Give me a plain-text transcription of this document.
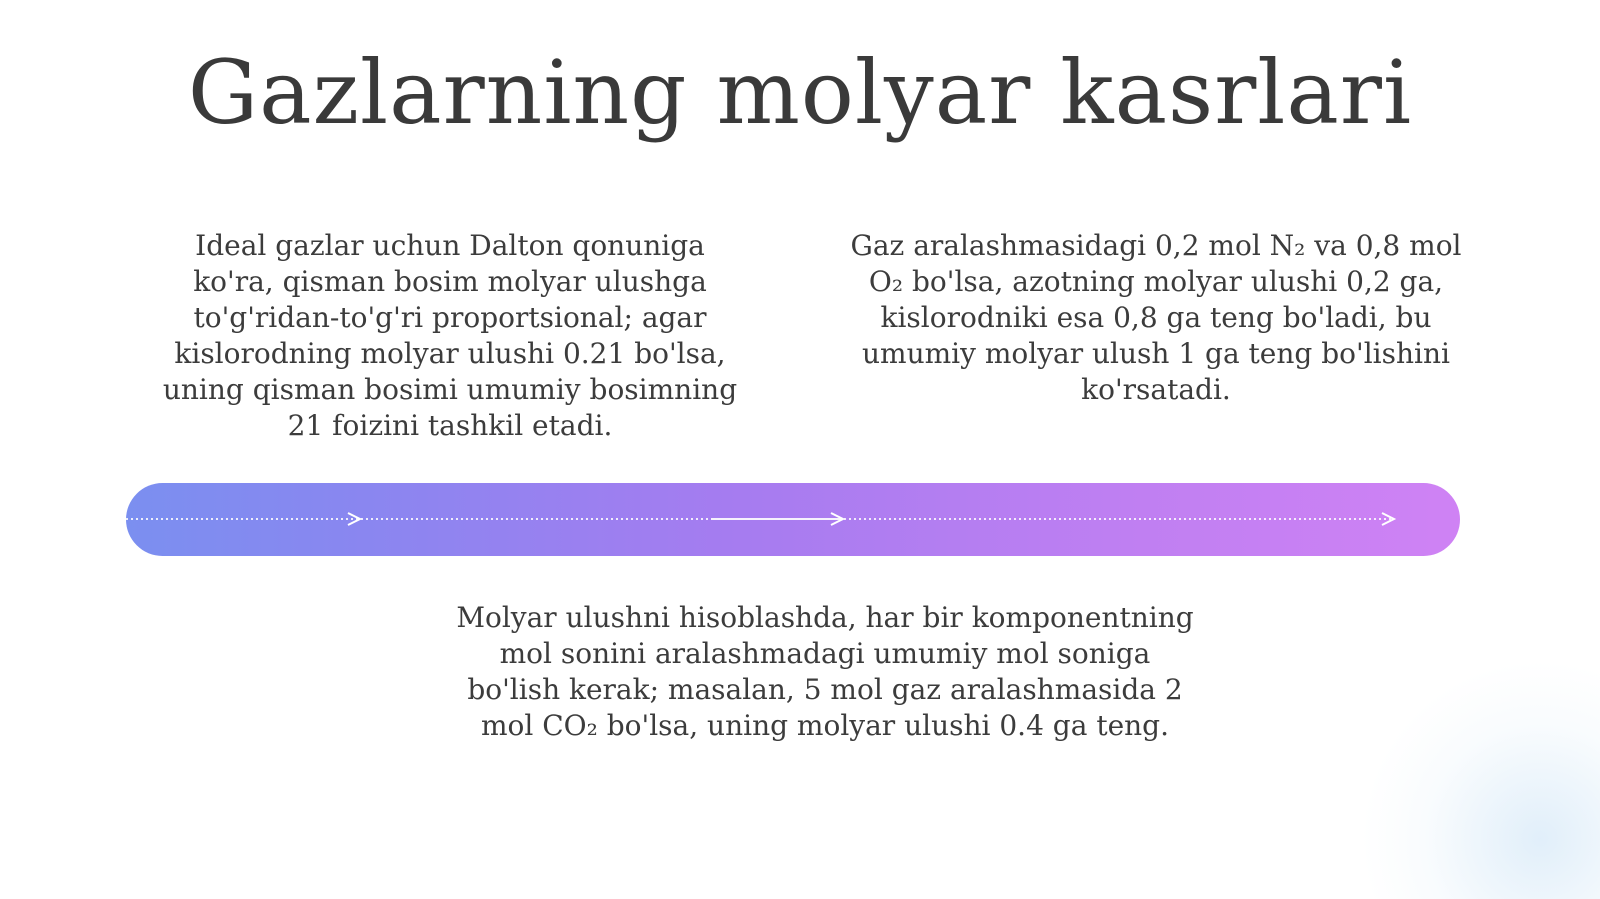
Gazlarning molyar kasrlari

Ideal gazlar uchun Dalton qonuniga ko'ra, qisman bosim molyar ulushga to'g'ridan-to'g'ri proportsional; agar kislorodning molyar ulushi 0.21 bo'lsa, uning qisman bosimi umumiy bosimning 21 foizini tashkil etadi.

Gaz aralashmasidagi 0,2 mol N₂ va 0,8 mol O₂ bo'lsa, azotning molyar ulushi 0,2 ga, kislorodniki esa 0,8 ga teng bo'ladi, bu umumiy molyar ulush 1 ga teng bo'lishini ko'rsatadi.

Molyar ulushni hisoblashda, har bir komponentning mol sonini aralashmadagi umumiy mol soniga bo'lish kerak; masalan, 5 mol gaz aralashmasida 2 mol CO₂ bo'lsa, uning molyar ulushi 0.4 ga teng.
